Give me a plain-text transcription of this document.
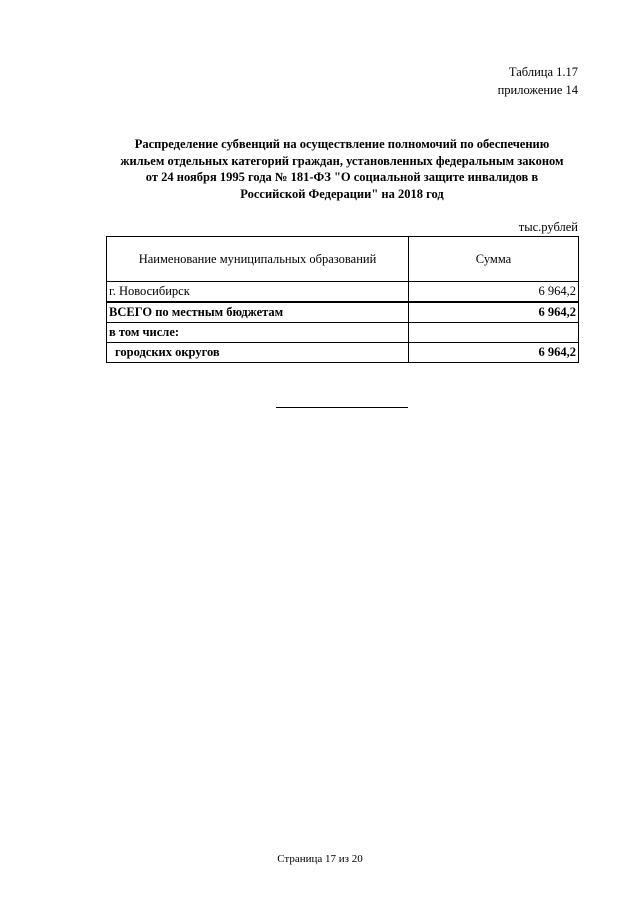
Таблица 1.17
приложение 14
Распределение субвенций на осуществление полномочий по обеспечению
жильем отдельных категорий граждан, установленных федеральным законом
от 24 ноября 1995 года № 181-ФЗ "О социальной защите инвалидов в
Российской Федерации" на 2018 год
тыс.рублей
Наименование муниципальных образований	Сумма
г. Новосибирск	6 964,2
ВСЕГО по местным бюджетам	6 964,2
в том числе:	
городских округов	6 964,2
Страница 17 из 20
